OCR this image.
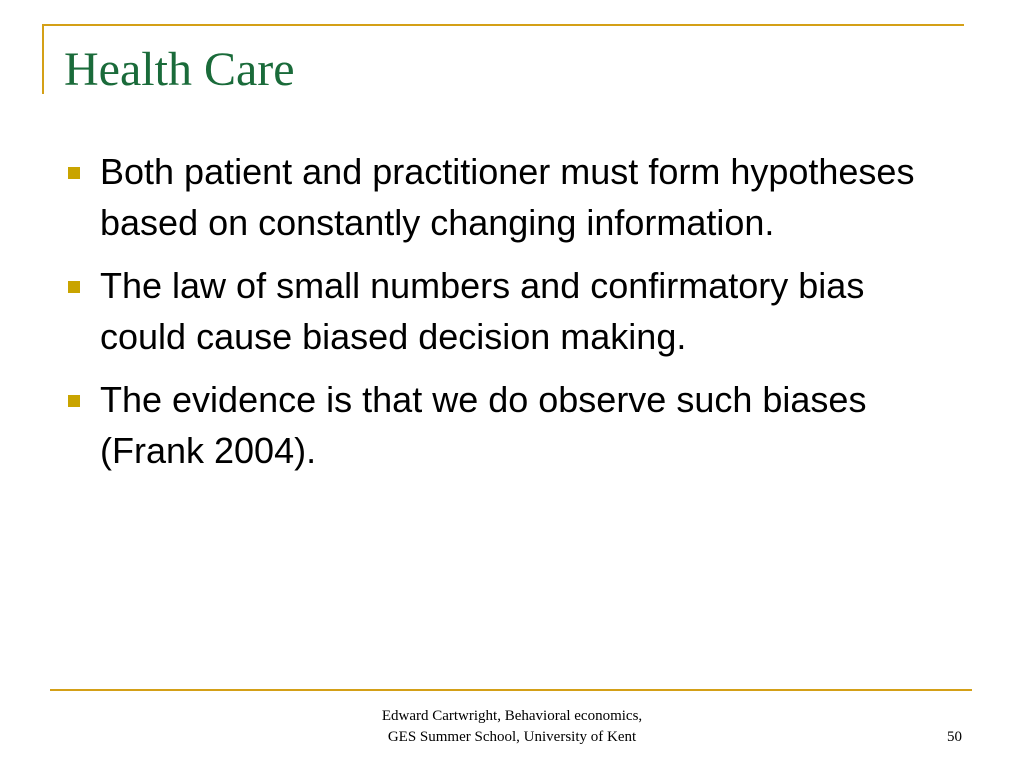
Health Care
Both patient and practitioner must form hypotheses based on constantly changing information.
The law of small numbers and confirmatory bias could cause biased decision making.
The evidence is that we do observe such biases (Frank 2004).
Edward Cartwright, Behavioral economics,
GES Summer School, University of Kent	50
